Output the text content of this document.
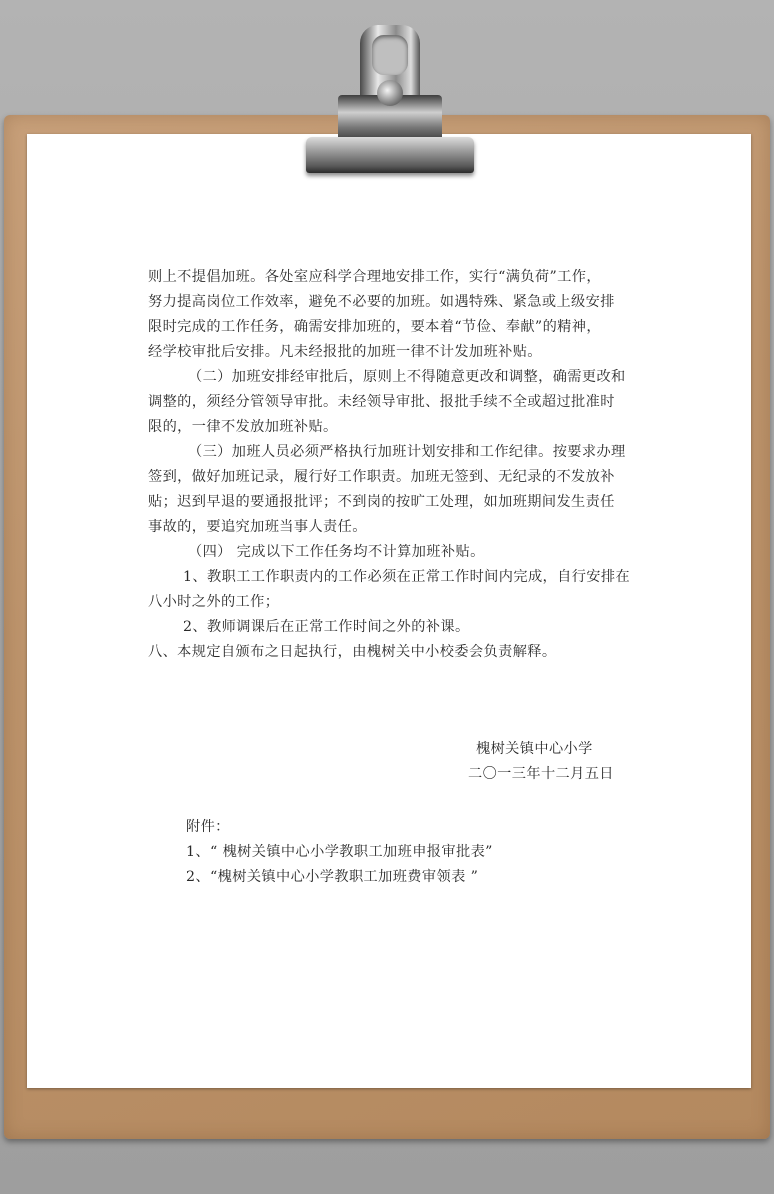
则上不提倡加班。各处室应科学合理地安排工作，实行“满负荷”工作，
努力提高岗位工作效率，避免不必要的加班。如遇特殊、紧急或上级安排
限时完成的工作任务，确需安排加班的，要本着“节俭、奉献”的精神，
经学校审批后安排。凡未经报批的加班一律不计发加班补贴。
（二）加班安排经审批后，原则上不得随意更改和调整，确需更改和
调整的，须经分管领导审批。未经领导审批、报批手续不全或超过批准时
限的，一律不发放加班补贴。
（三）加班人员必须严格执行加班计划安排和工作纪律。按要求办理
签到，做好加班记录，履行好工作职责。加班无签到、无纪录的不发放补
贴；迟到早退的要通报批评；不到岗的按旷工处理，如加班期间发生责任
事故的，要追究加班当事人责任。
（四） 完成以下工作任务均不计算加班补贴。
1、教职工工作职责内的工作必须在正常工作时间内完成，自行安排在
八小时之外的工作；
2、教师调课后在正常工作时间之外的补课。
八、本规定自颁布之日起执行，由槐树关中小校委会负责解释。
槐树关镇中心小学
二〇一三年十二月五日
附件：
1、“ 槐树关镇中心小学教职工加班申报审批表”
2、“槐树关镇中心小学教职工加班费审领表 ”
